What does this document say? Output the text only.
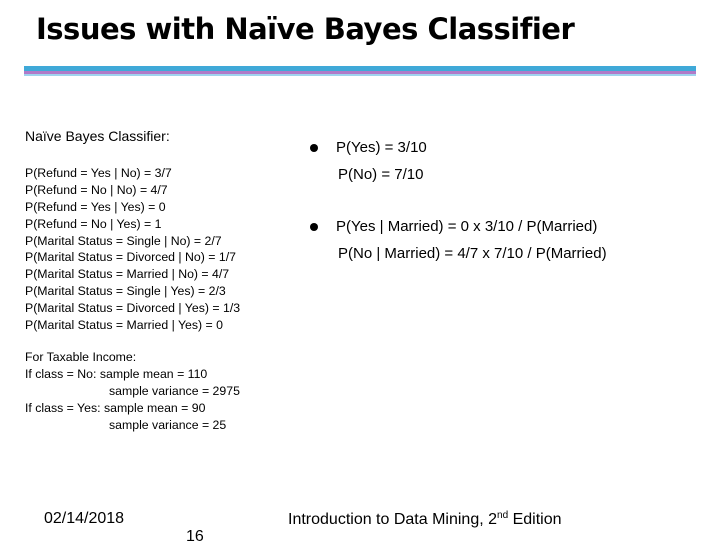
Issues with Naïve Bayes Classifier

Naïve Bayes Classifier:

P(Refund = Yes | No) = 3/7
P(Refund = No | No) = 4/7
P(Refund = Yes | Yes) = 0
P(Refund = No | Yes) = 1
P(Marital Status = Single | No) = 2/7
P(Marital Status = Divorced | No) = 1/7
P(Marital Status = Married | No) = 4/7
P(Marital Status = Single | Yes) = 2/3
P(Marital Status = Divorced | Yes) = 1/3
P(Marital Status = Married | Yes) = 0
For Taxable Income:
If class = No: sample mean = 110
sample variance = 2975
If class = Yes: sample mean = 90
sample variance = 25
P(Yes) = 3/10
P(No) = 7/10
P(Yes | Married) = 0 x 3/10 / P(Married)
P(No | Married) = 4/7 x 7/10 / P(Married)
02/14/2018
16
Introduction to Data Mining, 2nd Edition
